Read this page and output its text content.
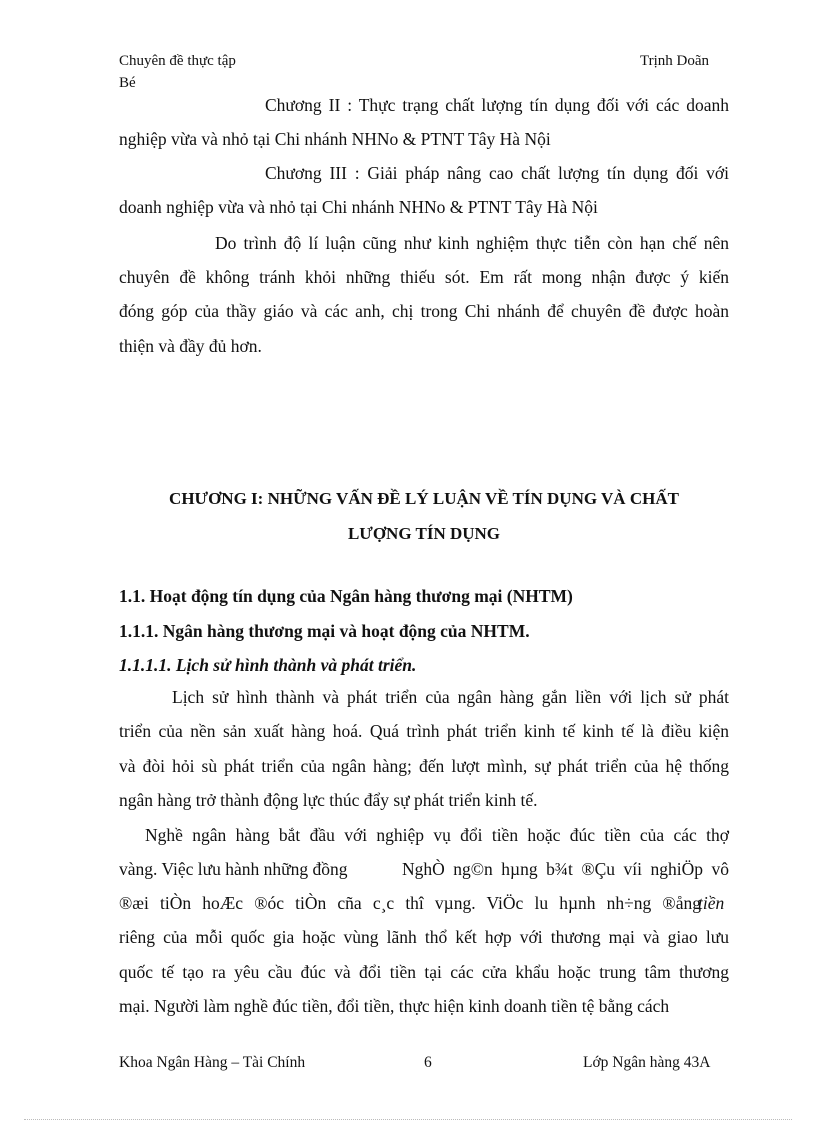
Chuyên đề thực tập
Bé
Trịnh Doãn
Chương II : Thực trạng chất lượng tín dụng đối với các doanh
nghiệp vừa và nhỏ tại Chi nhánh NHNo & PTNT Tây Hà Nội
Chương III : Giải pháp nâng cao chất lượng tín dụng đối với
doanh nghiệp vừa và nhỏ tại Chi nhánh NHNo & PTNT Tây Hà Nội
Do trình độ lí luận cũng như kinh nghiệm thực tiễn còn hạn chế nên
chuyên đề không tránh khỏi những thiếu sót. Em rất mong nhận được ý kiến
đóng góp của thầy giáo và các anh, chị trong Chi nhánh để chuyên đề được hoàn
thiện và đầy đủ hơn.
CHƯƠNG I: NHỮNG VẤN ĐỀ LÝ LUẬN VỀ TÍN DỤNG VÀ CHẤT
LƯỢNG TÍN DỤNG
1.1. Hoạt động tín dụng của Ngân hàng thương mại (NHTM)
1.1.1. Ngân hàng thương mại và hoạt động của NHTM.
1.1.1.1. Lịch sử hình thành và phát triển.
Lịch sử hình thành và phát triển của ngân hàng gắn liền với lịch sử phát
triển của nền sản xuất hàng hoá. Quá trình phát triển kinh tế kinh tế là điều kiện
và đòi hỏi sù phát triển của ngân hàng; đến lượt mình, sự phát triển của hệ thống
ngân hàng trở thành động lực thúc đẩy sự phát triển kinh tế.
Nghề ngân hàng bắt đầu với nghiệp vụ đổi tiền hoặc đúc tiền của các thợ
vàng. Việc lưu hành những đồng	NghÒ ng©n hµng b¾t ®Çu víi nghiÖp vô
®æi tiÒn hoÆc ®óc tiÒn cña c¸c thî vµng. ViÖc lu hµnh nh÷ng ®ång
tiền
riêng của mỗi quốc gia hoặc vùng lãnh thổ kết hợp với thương mại và giao lưu
quốc tế tạo ra yêu cầu đúc và đổi tiền tại các cửa khẩu hoặc trung tâm thương
mại. Người làm nghề đúc tiền, đổi tiền, thực hiện kinh doanh tiền tệ bằng cách
Khoa Ngân Hàng – Tài Chính	6	Lớp Ngân hàng 43A
